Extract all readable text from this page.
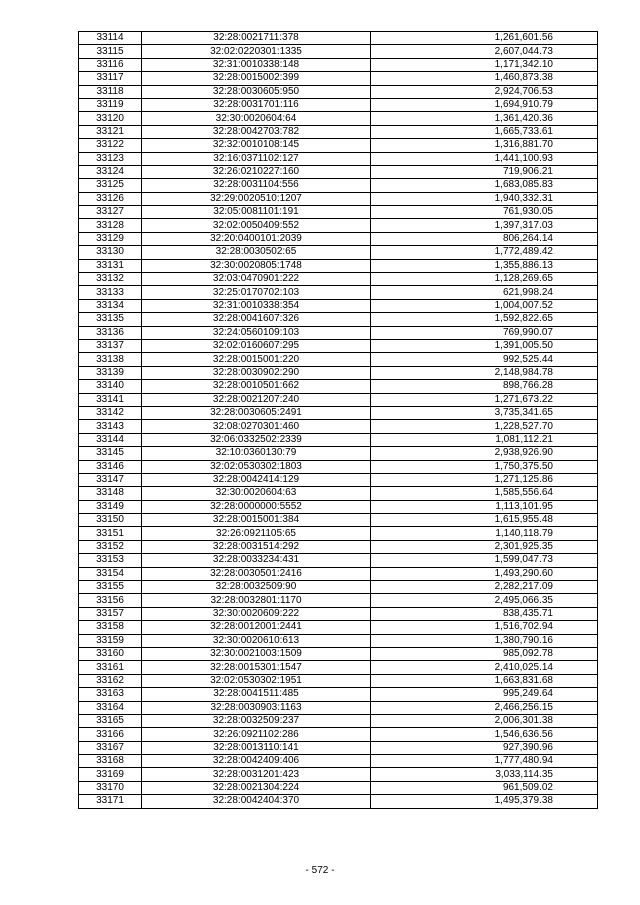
33114	32:28:0021711:378	1,261,601.56
33115	32:02:0220301:1335	2,607,044.73
33116	32:31:0010338:148	1,171,342.10
33117	32:28:0015002:399	1,460,873.38
33118	32:28:0030605:950	2,924,706.53
33119	32:28:0031701:116	1,694,910.79
33120	32:30:0020604:64	1,361,420.36
33121	32:28:0042703:782	1,665,733.61
33122	32:32:0010108:145	1,316,881.70
33123	32:16:0371102:127	1,441,100.93
33124	32:26:0210227:160	719,906.21
33125	32:28:0031104:556	1,683,085.83
33126	32:29:0020510:1207	1,940,332.31
33127	32:05:0081101:191	761,930.05
33128	32:02:0050409:552	1,397,317.03
33129	32:20:0400101:2039	806,264.14
33130	32:28:0030502:65	1,772,489.42
33131	32:30:0020805:1748	1,355,886.13
33132	32:03:0470901:222	1,128,269.65
33133	32:25:0170702:103	621,998.24
33134	32:31:0010338:354	1,004,007.52
33135	32:28:0041607:326	1,592,822.65
33136	32:24:0560109:103	769,990.07
33137	32:02:0160607:295	1,391,005.50
33138	32:28:0015001:220	992,525.44
33139	32:28:0030902:290	2,148,984.78
33140	32:28:0010501:662	898,766.28
33141	32:28:0021207:240	1,271,673.22
33142	32:28:0030605:2491	3,735,341.65
33143	32:08:0270301:460	1,228,527.70
33144	32:06:0332502:2339	1,081,112.21
33145	32:10:0360130:79	2,938,926.90
33146	32:02:0530302:1803	1,750,375.50
33147	32:28:0042414:129	1,271,125.86
33148	32:30:0020604:63	1,585,556.64
33149	32:28:0000000:5552	1,113,101.95
33150	32:28:0015001:384	1,615,955.48
33151	32:26:0921105:65	1,140,118.79
33152	32:28:0031514:292	2,301,925.35
33153	32:28:0033234:431	1,599,047.73
33154	32:28:0030501:2416	1,493,290.60
33155	32:28:0032509:90	2,282,217.09
33156	32:28:0032801:1170	2,495,066.35
33157	32:30:0020609:222	838,435.71
33158	32:28:0012001:2441	1,516,702.94
33159	32:30:0020610:613	1,380,790.16
33160	32:30:0021003:1509	985,092.78
33161	32:28:0015301:1547	2,410,025.14
33162	32:02:0530302:1951	1,663,831.68
33163	32:28:0041511:485	995,249.64
33164	32:28:0030903:1163	2,466,256.15
33165	32:28:0032509:237	2,006,301.38
33166	32:26:0921102:286	1,546,636.56
33167	32:28:0013110:141	927,390.96
33168	32:28:0042409:406	1,777,480.94
33169	32:28:0031201:423	3,033,114.35
33170	32:28:0021304:224	961,509.02
33171	32:28:0042404:370	1,495,379.38
- 572 -
